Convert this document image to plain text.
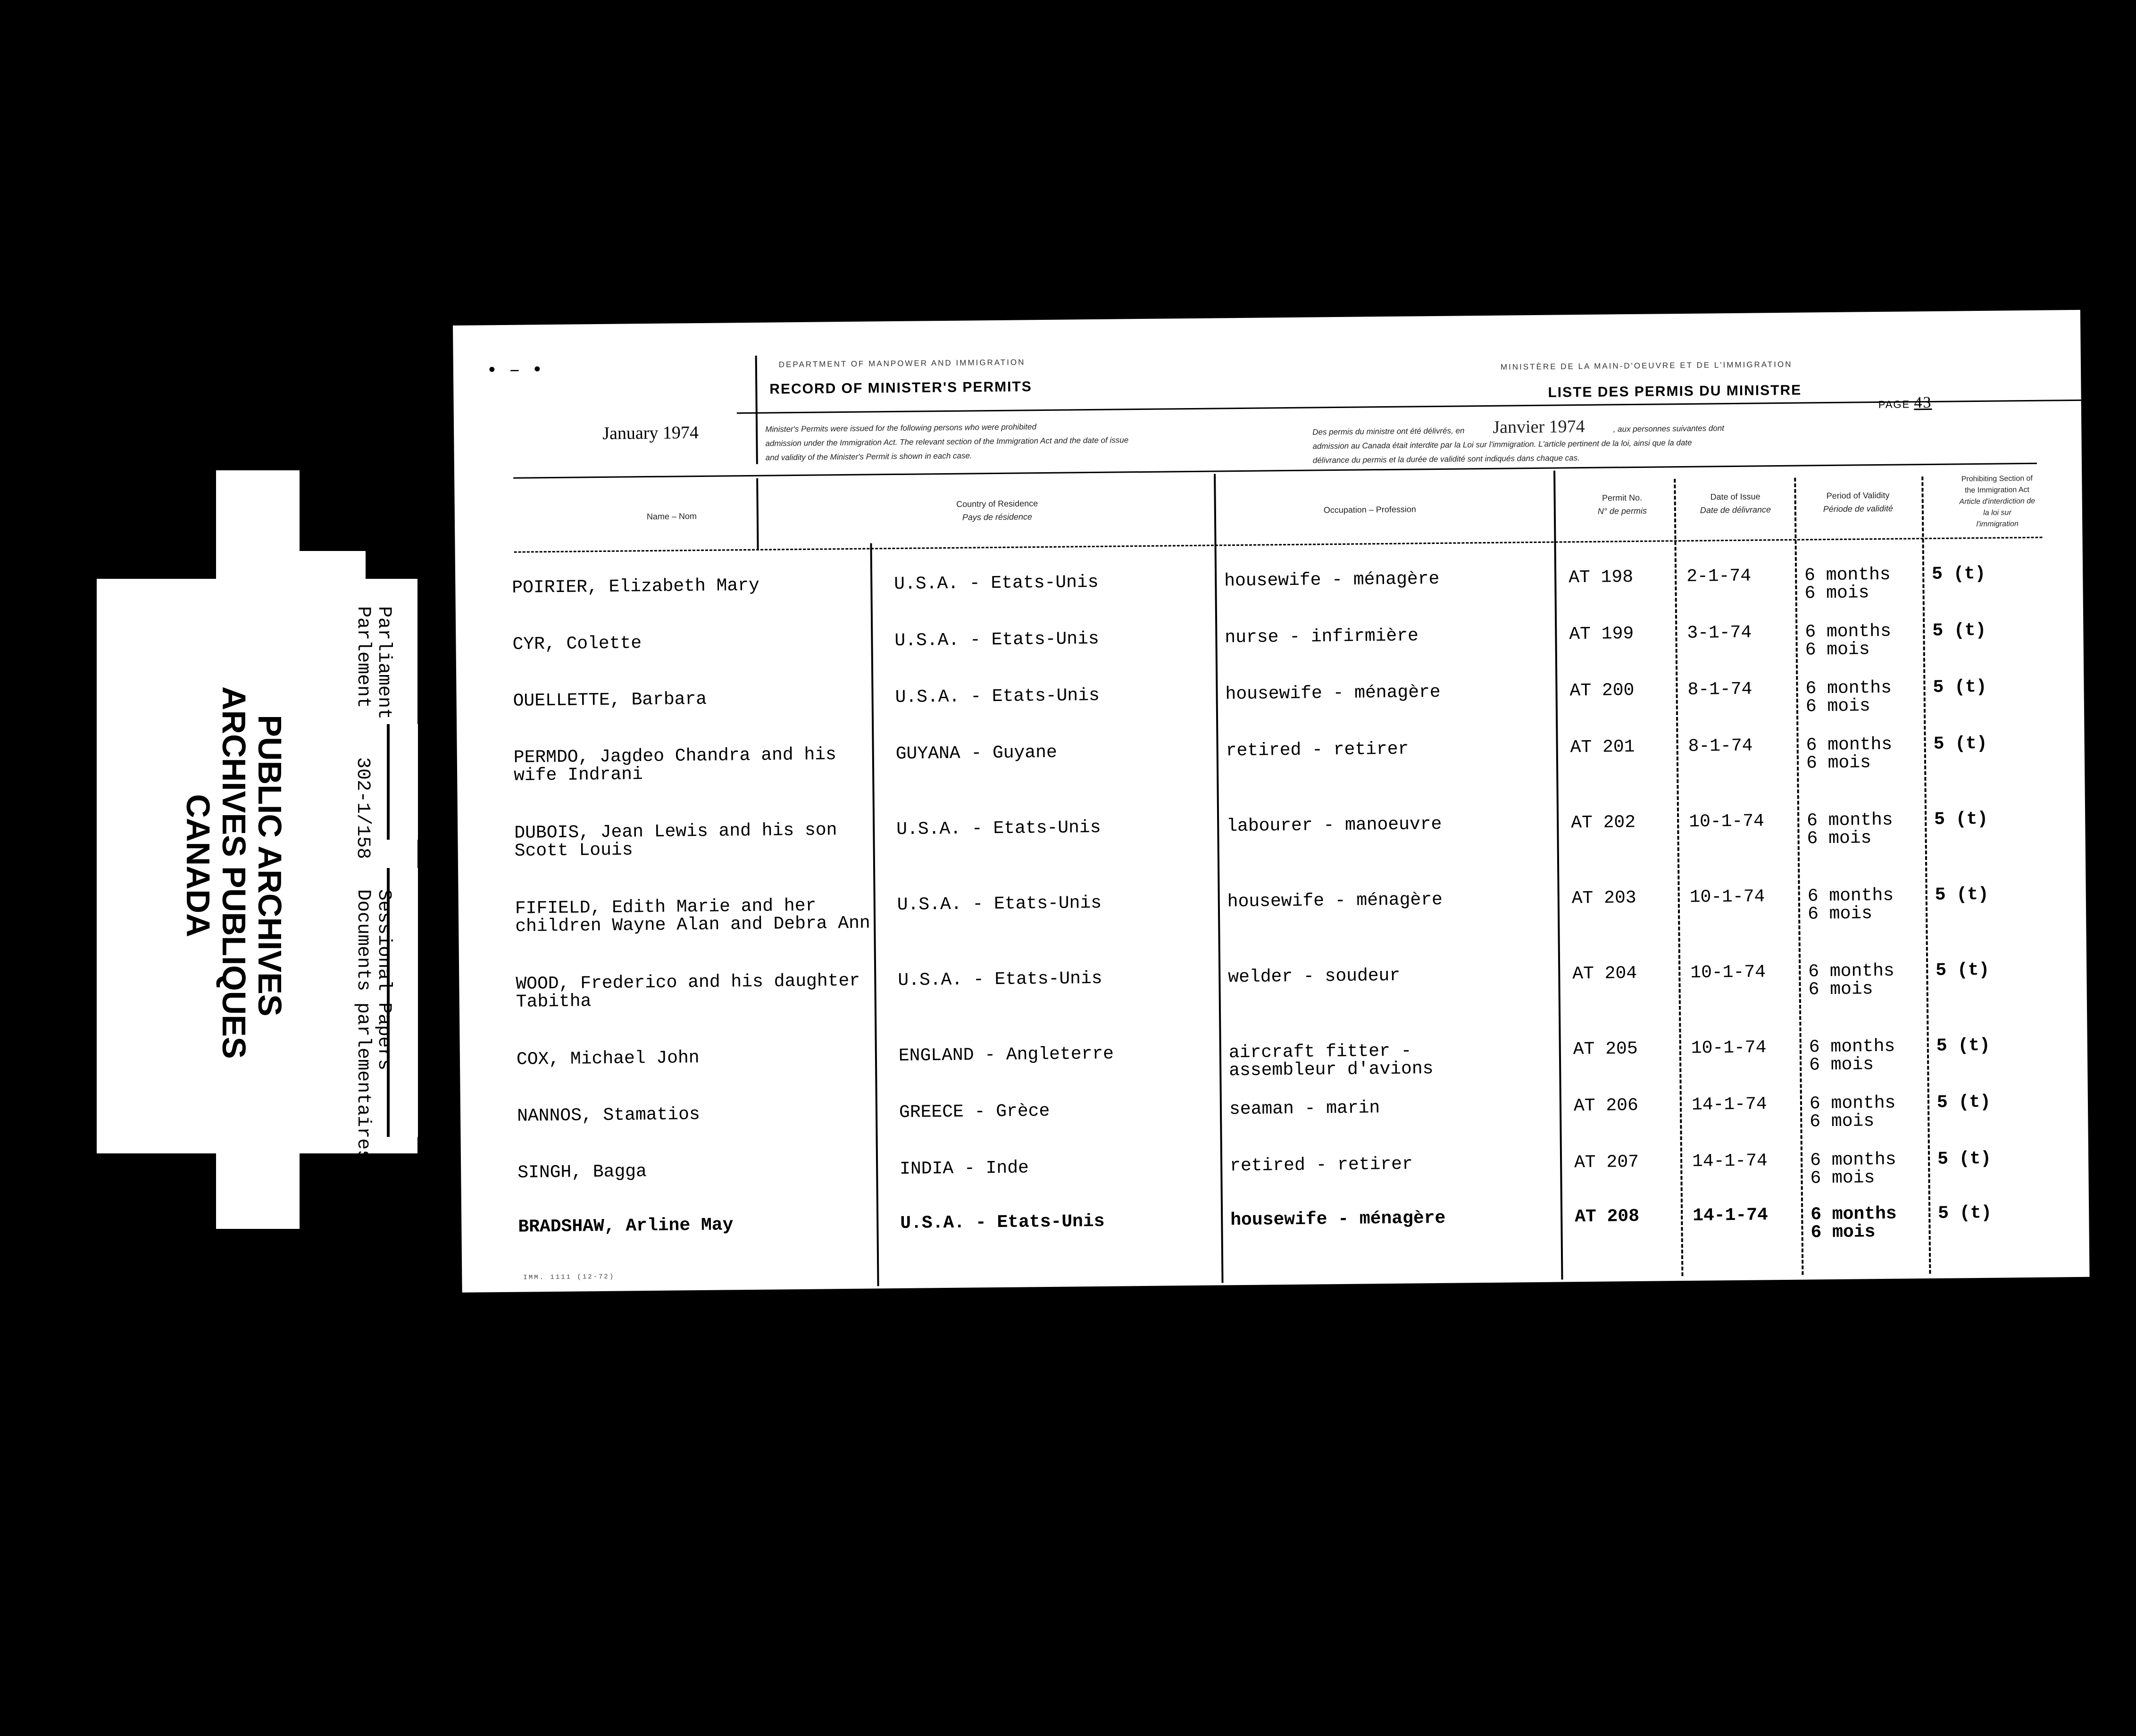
PUBLIC ARCHIVES
ARCHIVES PUBLIQUES
CANADA
Parliament
Parlement
302-1/158
Sessional Papers
Documents parlementaires
• – •	DEPARTMENT OF MANPOWER AND IMMIGRATION
RECORD OF MINISTER'S PERMITS
MINISTÈRE DE LA MAIN-D'OEUVRE ET DE L'IMMIGRATION
LISTE DES PERMIS DU MINISTRE
PAGE 43
January 1974	Minister's Permits were issued for the following persons who were prohibited
admission under the Immigration Act. The relevant section of the Immigration Act and the date of issue
and validity of the Minister's Permit is shown in each case.
Des permis du ministre ont été délivrés, en Janvier 1974	, aux personnes suivantes dont
admission au Canada était interdite par la Loi sur l'immigration. L'article pertinent de la loi, ainsi que la date
délivrance du permis et la durée de validité sont indiqués dans chaque cas.
Name – Nom
Country of Residence
Pays de résidence
Occupation – Profession
Permit No.
N° de permis
Date of Issue
Date de délivrance
Period of Validity
Période de validité
Prohibiting Section of
the Immigration Act
Article d'interdiction de
la loi sur
l'immigration
POIRIER, Elizabeth Mary	U.S.A. - Etats-Unis	housewife - ménagère	AT 198	2-1-74	6 months
6 mois
5 (t)
CYR, Colette	U.S.A. - Etats-Unis	nurse - infirmière	AT 199	3-1-74	6 months
6 mois
5 (t)
OUELLETTE, Barbara	U.S.A. - Etats-Unis	housewife - ménagère	AT 200	8-1-74	6 months
6 mois
5 (t)
PERMDO, Jagdeo Chandra and his
wife Indrani
GUYANA - Guyane	retired - retirer	AT 201	8-1-74	6 months
6 mois
5 (t)
DUBOIS, Jean Lewis and his son
Scott Louis
U.S.A. - Etats-Unis	labourer - manoeuvre	AT 202	10-1-74 6 months
6 mois
5 (t)
FIFIELD, Edith Marie and her
children Wayne Alan and Debra Ann
U.S.A. - Etats-Unis	housewife - ménagère	AT 203	10-1-74 6 months
6 mois
5 (t)
WOOD, Frederico and his daughter
Tabitha
U.S.A. - Etats-Unis	welder - soudeur	AT 204	10-1-74 6 months
6 mois
5 (t)
COX, Michael John	ENGLAND - Angleterre	aircraft fitter -
assembleur d'avions
AT 205	10-1-74 6 months
6 mois
5 (t)
NANNOS, Stamatios	GREECE - Grèce	seaman - marin	AT 206	14-1-74 6 months
6 mois
5 (t)
SINGH, Bagga	INDIA - Inde	retired - retirer	AT 207	14-1-74 6 months
6 mois
5 (t)
BRADSHAW, Arline May	U.S.A. - Etats-Unis	housewife - ménagère	AT 208	14-1-74 6 months
6 mois
5 (t)
IMM. 1111 (12-72)
